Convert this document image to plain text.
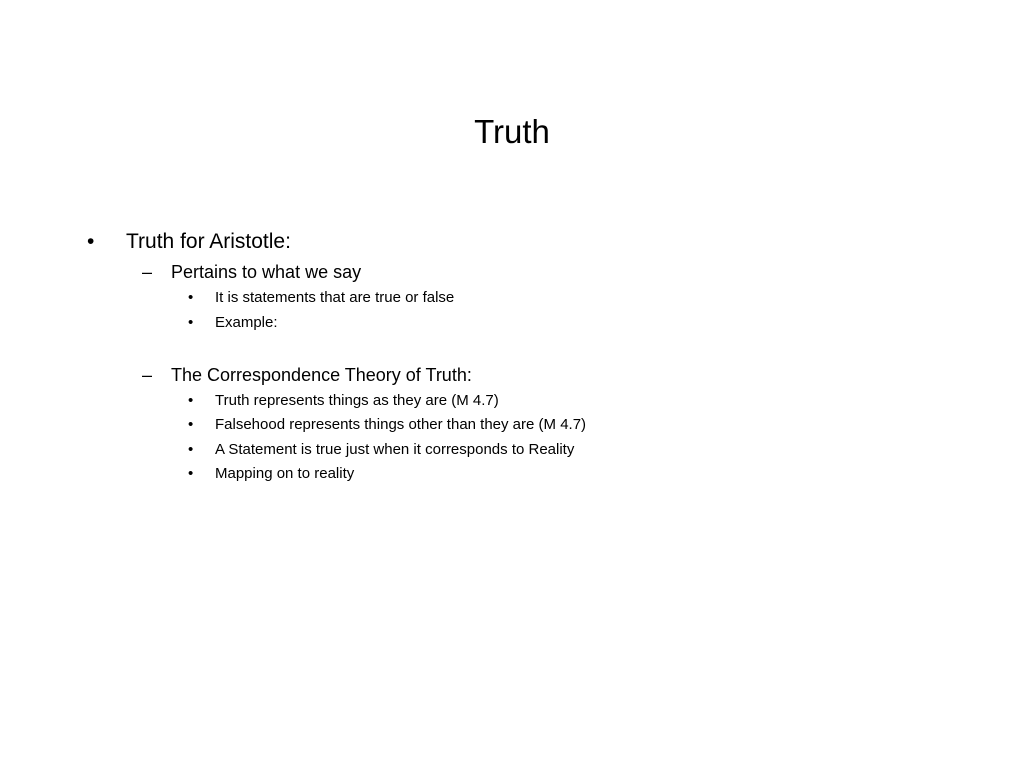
Truth
• Truth for Aristotle:
– Pertains to what we say
• It is statements that are true or false
• Example:
– The Correspondence Theory of Truth:
• Truth represents things as they are (M 4.7)
• Falsehood represents things other than they are (M 4.7)
• A Statement is true just when it corresponds to Reality
• Mapping on to reality
